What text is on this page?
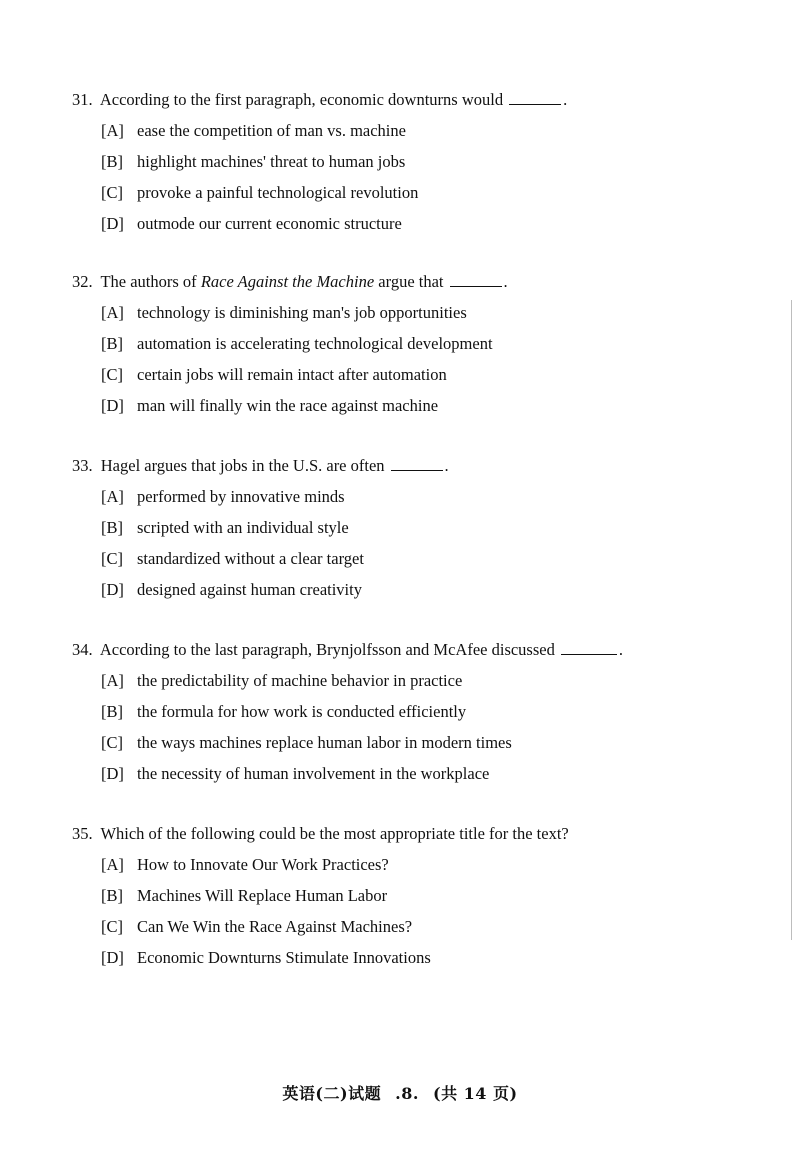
31. According to the first paragraph, economic downturns would	.
[A] ease the competition of man vs. machine
[B] highlight machines' threat to human jobs
[C] provoke a painful technological revolution
[D] outmode our current economic structure
32. The authors of Race Against the Machine argue that	.
[A] technology is diminishing man's job opportunities
[B] automation is accelerating technological development
[C] certain jobs will remain intact after automation
[D] man will finally win the race against machine
33. Hagel argues that jobs in the U.S. are often	.
[A] performed by innovative minds
[B] scripted with an individual style
[C] standardized without a clear target
[D] designed against human creativity
34. According to the last paragraph, Brynjolfsson and McAfee discussed	.
[A] the predictability of machine behavior in practice
[B] the formula for how work is conducted efficiently
[C] the ways machines replace human labor in modern times
[D] the necessity of human involvement in the workplace
35. Which of the following could be the most appropriate title for the text?
[A] How to Innovate Our Work Practices?
[B] Machines Will Replace Human Labor
[C] Can We Win the Race Against Machines?
[D] Economic Downturns Stimulate Innovations
英语(二)试题 .8. (共 14 页)
